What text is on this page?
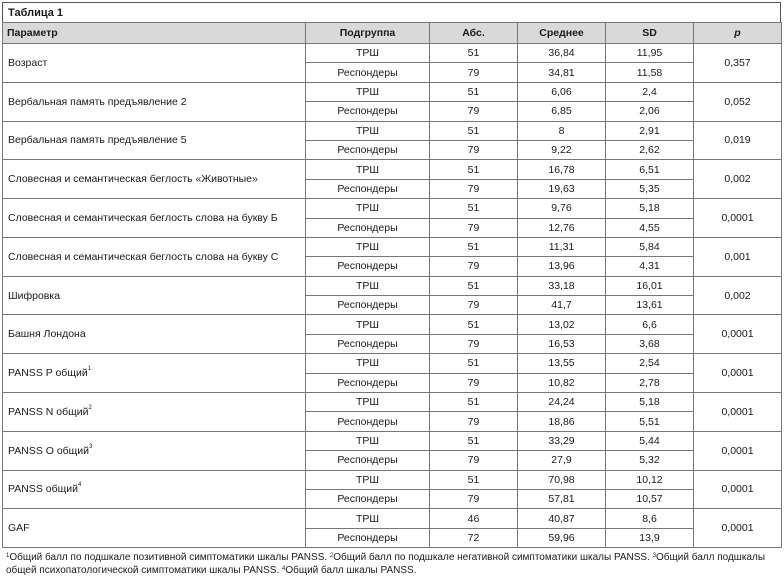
Таблица 1
Параметр	Подгруппа	Абс.	Среднее	SD	p
Возраст	ТРШ	51	36,84	11,95	0,357
	Респондеры	79	34,81	11,58	
Вербальная память предъявление 2	ТРШ	51	6,06	2,4	0,052
	Респондеры	79	6,85	2,06	
Вербальная память предъявление 5	ТРШ	51	8	2,91	0,019
	Респондеры	79	9,22	2,62	
Словесная и семантическая беглость «Животные»	ТРШ	51	16,78	6,51	0,002
	Респондеры	79	19,63	5,35	
Словесная и семантическая беглость слова на букву Б	ТРШ	51	9,76	5,18	0,0001
	Респондеры	79	12,76	4,55	
Словесная и семантическая беглость слова на букву С	ТРШ	51	11,31	5,84	0,001
	Респондеры	79	13,96	4,31	
Шифровка	ТРШ	51	33,18	16,01	0,002
	Респондеры	79	41,7	13,61	
Башня Лондона	ТРШ	51	13,02	6,6	0,0001
	Респондеры	79	16,53	3,68	
PANSS P общий$^1$	ТРШ	51	13,55	2,54	0,0001
	Респондеры	79	10,82	2,78	
PANSS N общий$^2$	ТРШ	51	24,24	5,18	0,0001
	Респондеры	79	18,86	5,51	
PANSS O общий$^3$	ТРШ	51	33,29	5,44	0,0001
	Респондеры	79	27,9	5,32	
PANSS общий$^4$	ТРШ	51	70,98	10,12	0,0001
	Респондеры	79	57,81	10,57	
GAF	ТРШ	46	40,87	8,6	0,0001
	Респондеры	72	59,96	13,9	
$^1$Общий балл по подшкале позитивной симптоматики шкалы PANSS. $^2$Общий балл по подшкале негативной симптоматики шкалы PANSS. $^3$Общий балл подшкалы общей психопатологической симптоматики шкалы PANSS. $^4$Общий балл шкалы PANSS.
